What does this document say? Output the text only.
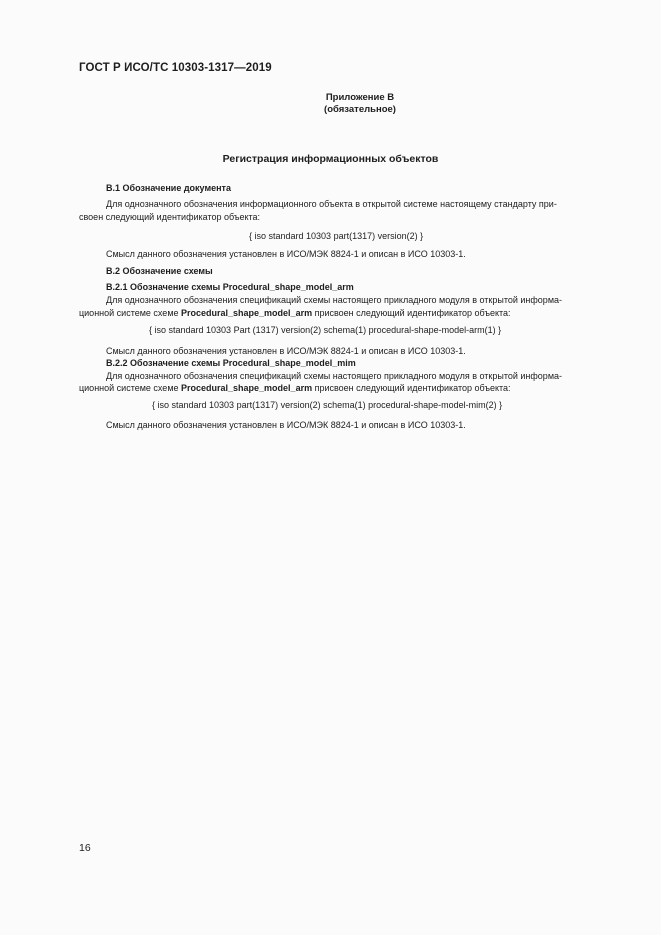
ГОСТ Р ИСО/ТС 10303-1317—2019
Приложение В
(обязательное)
Регистрация информационных объектов
В.1 Обозначение документа
Для однозначного обозначения информационного объекта в открытой системе настоящему стандарту при-
своен следующий идентификатор объекта:
{ iso standard 10303 part(1317) version(2) }
Смысл данного обозначения установлен в ИСО/МЭК 8824-1 и описан в ИСО 10303-1.
В.2 Обозначение схемы
В.2.1 Обозначение схемы Procedural_shape_model_arm
Для однозначного обозначения спецификаций схемы настоящего прикладного модуля в открытой информа-
ционной системе схеме Procedural_shape_model_arm присвоен следующий идентификатор объекта:
{ iso standard 10303 Part (1317) version(2) schema(1) procedural-shape-model-arm(1) }
Смысл данного обозначения установлен в ИСО/МЭК 8824-1 и описан в ИСО 10303-1.
В.2.2 Обозначение схемы Procedural_shape_model_mim
Для однозначного обозначения спецификаций схемы настоящего прикладного модуля в открытой информа-
ционной системе схеме Procedural_shape_model_arm присвоен следующий идентификатор объекта:
{ iso standard 10303 part(1317) version(2) schema(1) procedural-shape-model-mim(2) }
Смысл данного обозначения установлен в ИСО/МЭК 8824-1 и описан в ИСО 10303-1.
16
